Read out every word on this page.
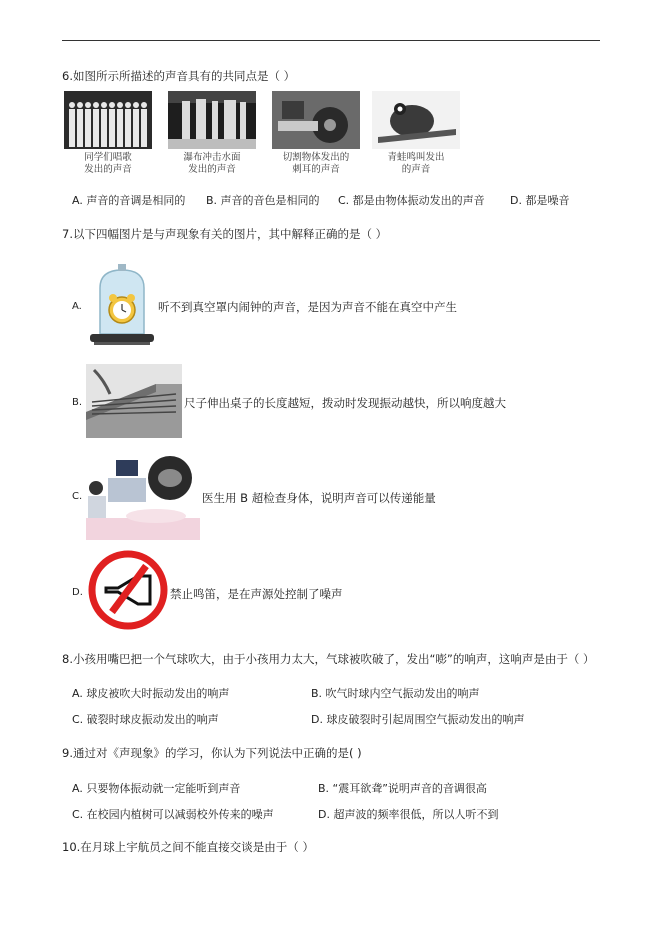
6.如图所示所描述的声音具有的共同点是（ ）
同学们唱歌
发出的声音
瀑布冲击水面
发出的声音
切割物体发出的
刺耳的声音
青蛙鸣叫发出
的声音
A. 声音的音调是相同的 B. 声音的音色是相同的 C. 都是由物体振动发出的声音 D. 都是噪音
7.以下四幅图片是与声现象有关的图片，其中解释正确的是（ ）
A.	听不到真空罩内闹钟的声音，是因为声音不能在真空中产生
B.	尺子伸出桌子的长度越短，拨动时发现振动越快，所以响度越大
C.	医生用 B 超检查身体，说明声音可以传递能量
D.	禁止鸣笛，是在声源处控制了噪声
8.小孩用嘴巴把一个气球吹大，由于小孩用力太大，气球被吹破了，发出“嘭”的响声，这响声是由于（ ）
A. 球皮被吹大时振动发出的响声	B. 吹气时球内空气振动发出的响声
C. 破裂时球皮振动发出的响声	D. 球皮破裂时引起周围空气振动发出的响声
9.通过对《声现象》的学习，你认为下列说法中正确的是( )
A. 只要物体振动就一定能听到声音	B. “震耳欲聋”说明声音的音调很高
C. 在校园内植树可以减弱校外传来的噪声	D. 超声波的频率很低，所以人听不到
10.在月球上宇航员之间不能直接交谈是由于（ ）
